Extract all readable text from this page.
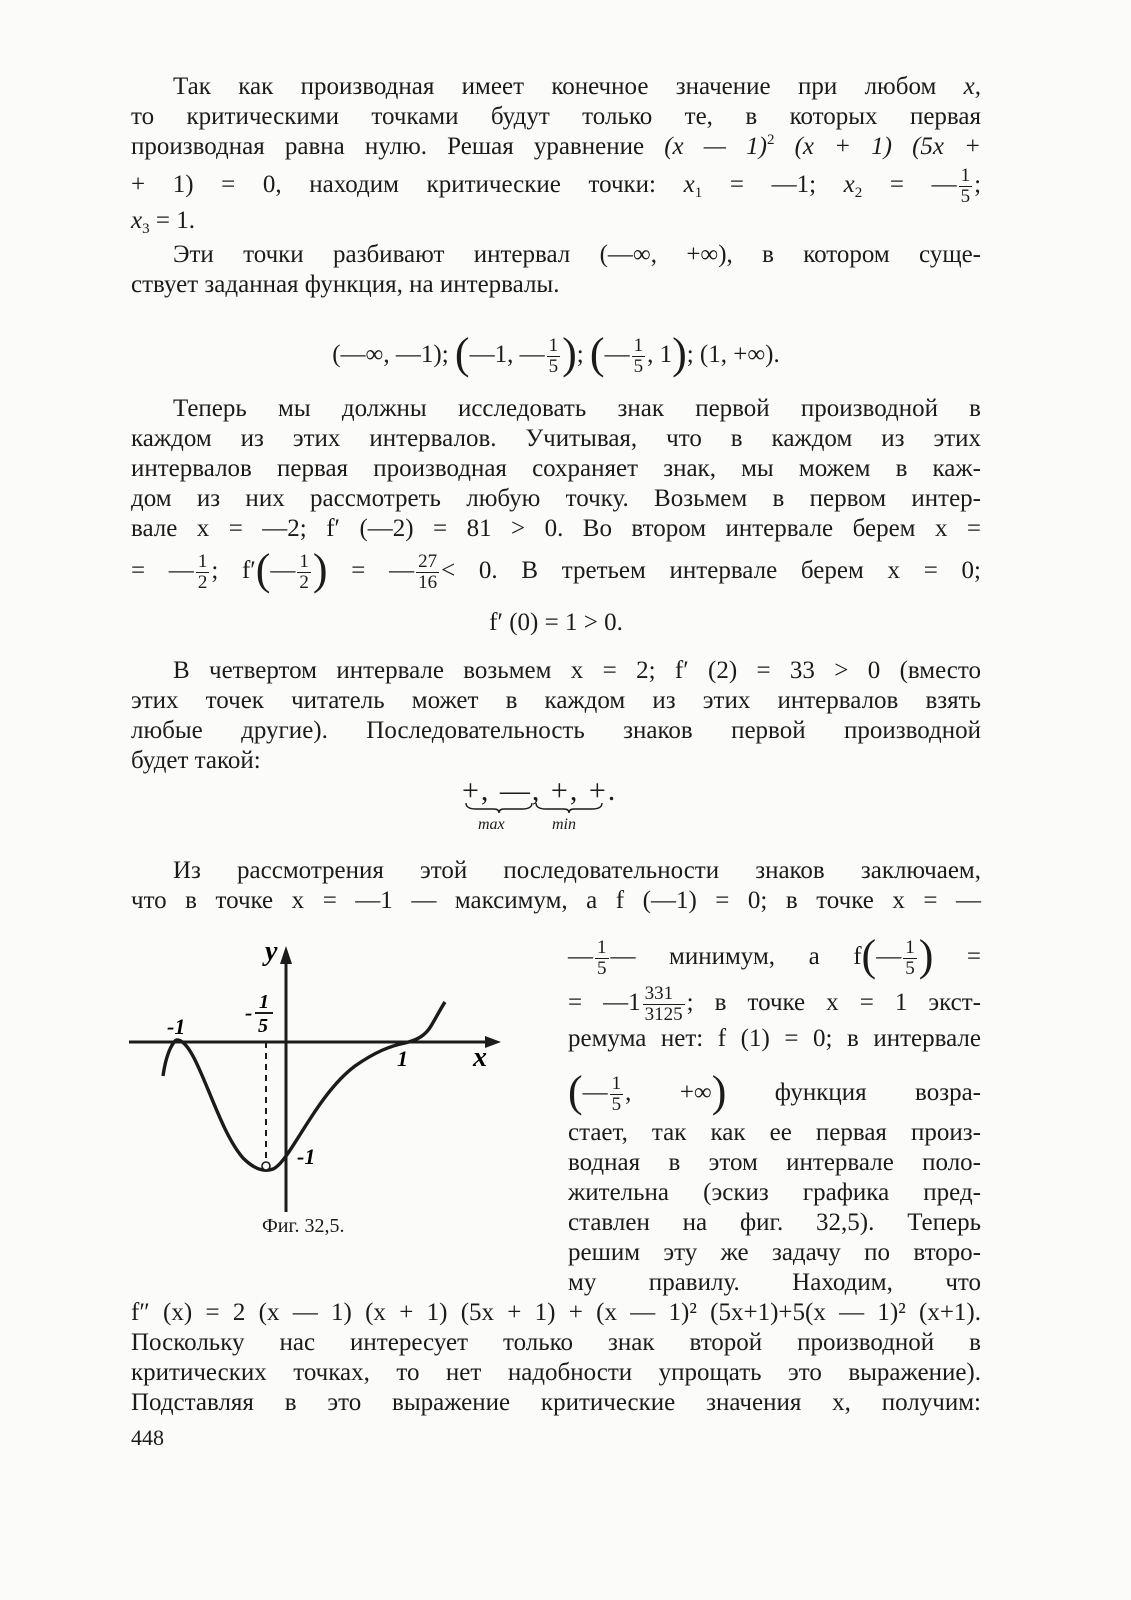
Так как производная имеет конечное значение при любом x,
то критическими точками будут только те, в которых первая
производная равна нулю. Решая уравнение (x — 1)$^2$ (x + 1) (5x +
+ 1) = 0, находим критические точки: $x_1$ = —1; $x_2$ = — $\frac{1}{5}$ ;
$x_3 = 1$.
Эти точки разбивают интервал (—∞, +∞), в котором суще-
ствует заданная функция, на интервалы.
(—∞, —1); (—1, — $\frac{1}{5}$ ); (— $\frac{1}{5}$ , 1); (1, +∞).
Теперь мы должны исследовать знак первой производной в
каждом из этих интервалов. Учитывая, что в каждом из этих
интервалов первая производная сохраняет знак, мы можем в каж-
дом из них рассмотреть любую точку. Возьмем в первом интер-
вале x = —2; f′ (—2) = 81 > 0. Во втором интервале берем x =
= — $\frac{1}{2}$ ; f′(— $\frac{1}{2}$ ) = — $\frac{27}{16} < 0$. В третьем интервале берем x = 0;
f′ (0) = 1 > 0.
В четвертом интервале возьмем x = 2; f′ (2) = 33 > 0 (вместо
этих точек читатель может в каждом из этих интервалов взять
любые другие). Последовательность знаков первой производной
будет такой:
+, —, +, +.
max	min
Из рассмотрения этой последовательности знаков заключаем,
что в точке x = —1 — максимум, а f (—1) = 0; в точке x = —
y
x
-1
- 1
5
1
-1
Фиг. 32,5.
— $\frac{1}{5}$ — минимум, а f(— $\frac{1}{5}$ ) =
= —1 $\frac{331}{3125}$ ; в точке x = 1 экст-
ремума нет: f (1) = 0; в интервале
(— $\frac{1}{5}$ , +∞) функция возра-
стает, так как ее первая произ-
водная в этом интервале поло-
жительна (эскиз графика пред-
ставлен на фиг. 32,5). Теперь
решим эту же задачу по второ-
му правилу. Находим, что
f″ (x) = 2 (x — 1) (x + 1) (5x + 1) + (x — 1)² (5x+1)+5(x — 1)² (x+1).
Поскольку нас интересует только знак второй производной в
критических точках, то нет надобности упрощать это выражение).
Подставляя в это выражение критические значения x, получим:
448
